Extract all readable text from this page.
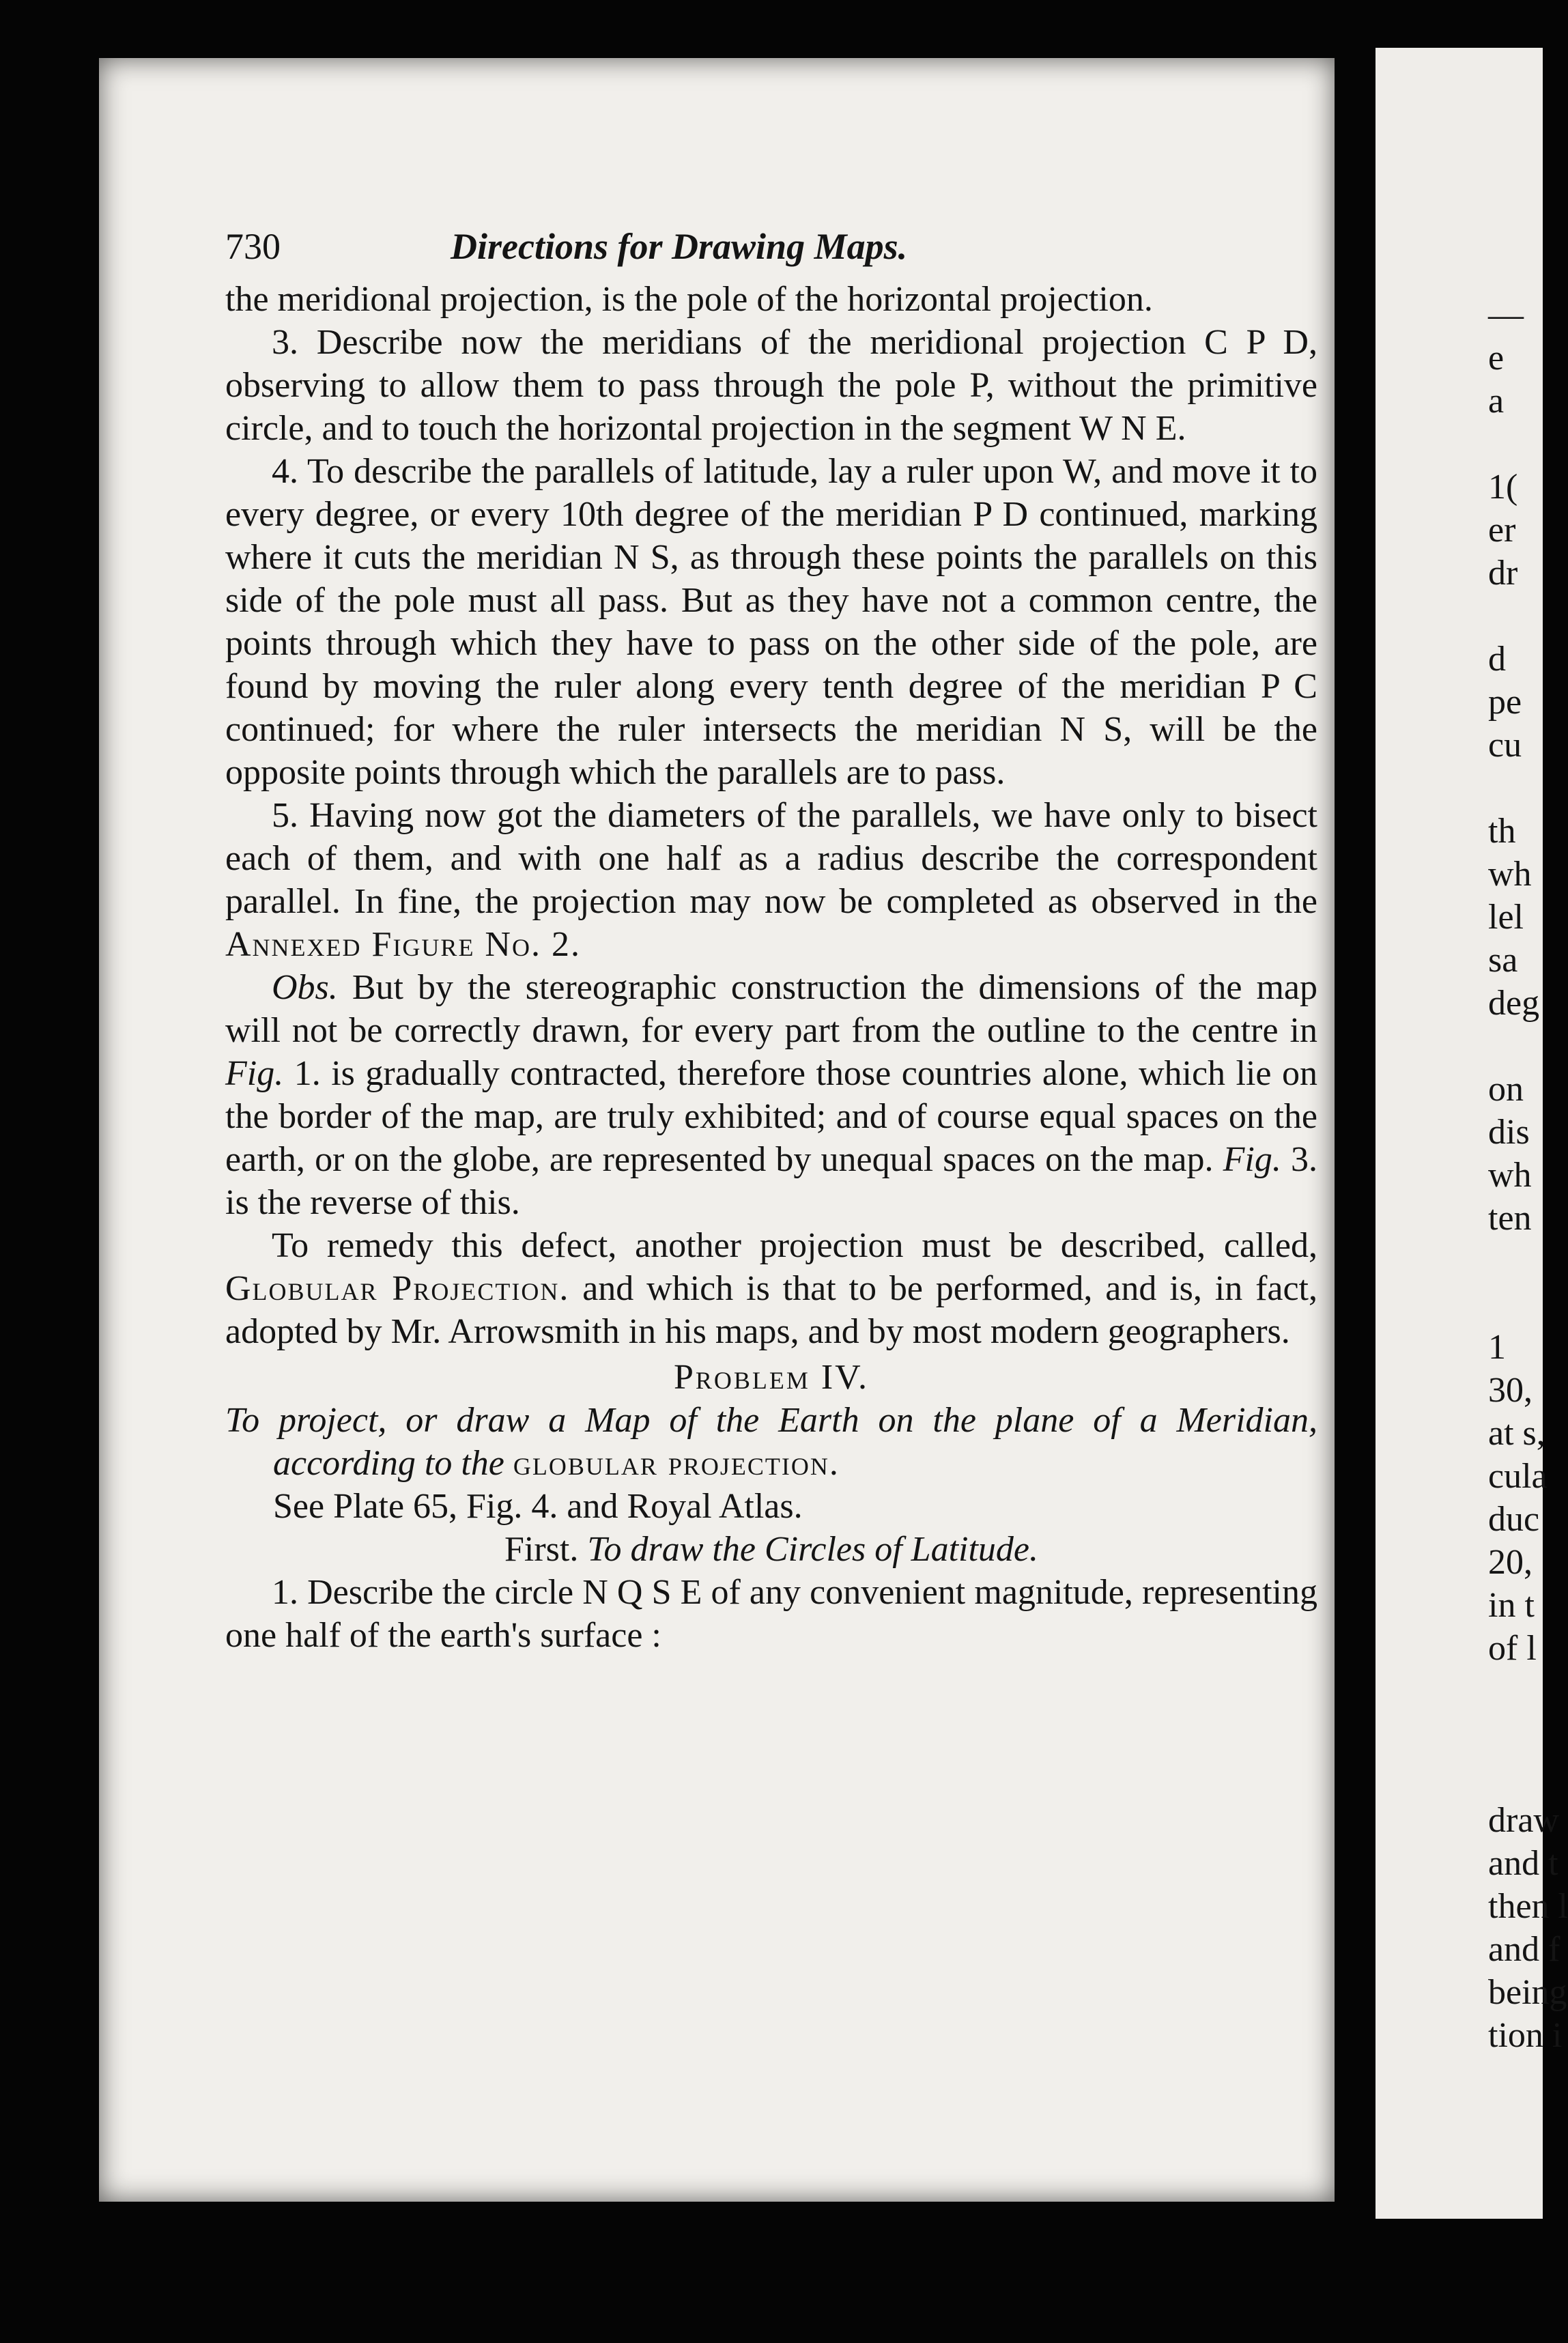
730	Directions for Drawing Maps.

the meridional projection, is the pole of the horizontal projection.

3. Describe now the meridians of the meridional projection C P D, observing to allow them to pass through the pole P, without the primitive circle, and to touch the horizontal projection in the segment W N E.

4. To describe the parallels of latitude, lay a ruler upon W, and move it to every degree, or every 10th degree of the meridian P D continued, marking where it cuts the meridian N S, as through these points the parallels on this side of the pole must all pass. But as they have not a common centre, the points through which they have to pass on the other side of the pole, are found by moving the ruler along every tenth degree of the meridian P C continued; for where the ruler intersects the meridian N S, will be the opposite points through which the parallels are to pass.

5. Having now got the diameters of the parallels, we have only to bisect each of them, and with one half as a radius describe the correspondent parallel. In fine, the projection may now be completed as observed in the Annexed Figure No. 2.

Obs. But by the stereographic construction the dimensions of the map will not be correctly drawn, for every part from the outline to the centre in Fig. 1. is gradually contracted, therefore those countries alone, which lie on the border of the map, are truly exhibited; and of course equal spaces on the earth, or on the globe, are represented by unequal spaces on the map. Fig. 3. is the reverse of this.

To remedy this defect, another projection must be described, called, Globular Projection. and which is that to be performed, and is, in fact, adopted by Mr. Arrowsmith in his maps, and by most modern geographers.

Problem IV.

To project, or draw a Map of the Earth on the plane of a Meridian, according to the globular projection.

See Plate 65, Fig. 4. and Royal Atlas.

First. To draw the Circles of Latitude.

1. Describe the circle N Q S E of any convenient magnitude, representing one half of the earth's surface :

—
e
a

1(
er
dr

d
pe
cu

th
wh
lel
sa
deg

on
dis
wh
ten

1
30,
at s,
cula
duc
20,
in t
of l

draw
and t
then l
and f
being
tion i
